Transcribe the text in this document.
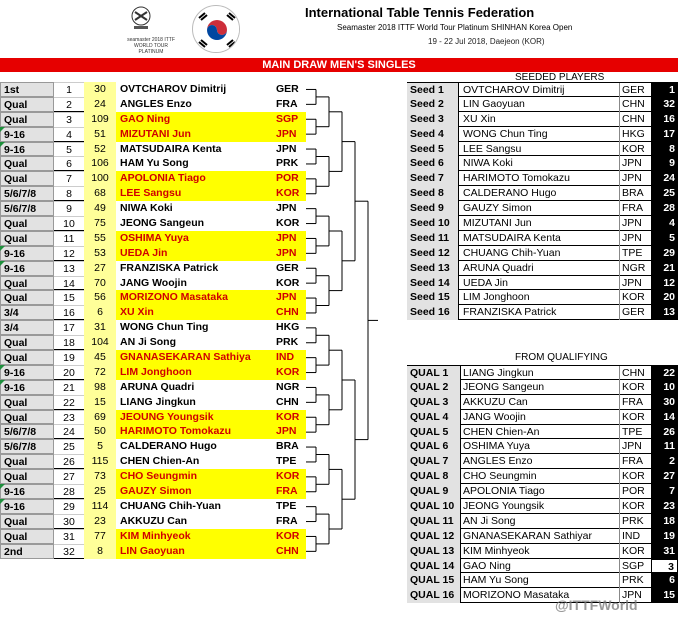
seamaster 2018 ITTF WORLD TOUR PLATINUM
International Table Tennis Federation
Seamaster 2018 ITTF World Tour Platinum SHINHAN Korea Open
19 - 22 Jul 2018, Daejeon (KOR)
MAIN DRAW MEN'S SINGLES
1st	1	30	OVTCHAROV Dimitrij	GER
Qual	2	24	ANGLES Enzo	FRA
Qual	3	109	GAO Ning	SGP
9-16	4	51	MIZUTANI Jun	JPN
9-16	5	52	MATSUDAIRA Kenta	JPN
Qual	6	106	HAM Yu Song	PRK
Qual	7	100	APOLONIA Tiago	POR
5/6/7/8	8	68	LEE Sangsu	KOR
5/6/7/8	9	49	NIWA Koki	JPN
Qual	10	75	JEONG Sangeun	KOR
Qual	11	55	OSHIMA Yuya	JPN
9-16	12	53	UEDA Jin	JPN
9-16	13	27	FRANZISKA Patrick	GER
Qual	14	70	JANG Woojin	KOR
Qual	15	56	MORIZONO Masataka	JPN
3/4	16	6	XU Xin	CHN
3/4	17	31	WONG Chun Ting	HKG
Qual	18	104	AN Ji Song	PRK
Qual	19	45	GNANASEKARAN Sathiya	IND
9-16	20	72	LIM Jonghoon	KOR
9-16	21	98	ARUNA Quadri	NGR
Qual	22	15	LIANG Jingkun	CHN
Qual	23	69	JEOUNG Youngsik	KOR
5/6/7/8	24	50	HARIMOTO Tomokazu	JPN
5/6/7/8	25	5	CALDERANO Hugo	BRA
Qual	26	115	CHEN Chien-An	TPE
Qual	27	73	CHO Seungmin	KOR
9-16	28	25	GAUZY Simon	FRA
9-16	29	114	CHUANG Chih-Yuan	TPE
Qual	30	23	AKKUZU Can	FRA
Qual	31	77	KIM Minhyeok	KOR
2nd	32	8	LIN Gaoyuan	CHN
SEEDED PLAYERS
Seed 1	OVTCHAROV Dimitrij	GER	1
Seed 2	LIN Gaoyuan	CHN	32
Seed 3	XU Xin	CHN	16
Seed 4	WONG Chun Ting	HKG	17
Seed 5	LEE Sangsu	KOR	8
Seed 6	NIWA Koki	JPN	9
Seed 7	HARIMOTO Tomokazu	JPN	24
Seed 8	CALDERANO Hugo	BRA	25
Seed 9	GAUZY Simon	FRA	28
Seed 10	MIZUTANI Jun	JPN	4
Seed 11	MATSUDAIRA Kenta	JPN	5
Seed 12	CHUANG Chih-Yuan	TPE	29
Seed 13	ARUNA Quadri	NGR	21
Seed 14	UEDA Jin	JPN	12
Seed 15	LIM Jonghoon	KOR	20
Seed 16	FRANZISKA Patrick	GER	13
FROM QUALIFYING
QUAL 1	LIANG Jingkun	CHN	22
QUAL 2	JEONG Sangeun	KOR	10
QUAL 3	AKKUZU Can	FRA	30
QUAL 4	JANG Woojin	KOR	14
QUAL 5	CHEN Chien-An	TPE	26
QUAL 6	OSHIMA Yuya	JPN	11
QUAL 7	ANGLES Enzo	FRA	2
QUAL 8	CHO Seungmin	KOR	27
QUAL 9	APOLONIA Tiago	POR	7
QUAL 10 JEONG Youngsik	KOR	23
QUAL 11 AN Ji Song	PRK	18
QUAL 12 GNANASEKARAN Sathiyar	IND	19
QUAL 13 KIM Minhyeok	KOR	31
QUAL 14 GAO Ning	SGP	3
QUAL 15 HAM Yu Song	PRK	6
QUAL 16 MORIZONO Masataka	JPN	15
@ITTFWorld
